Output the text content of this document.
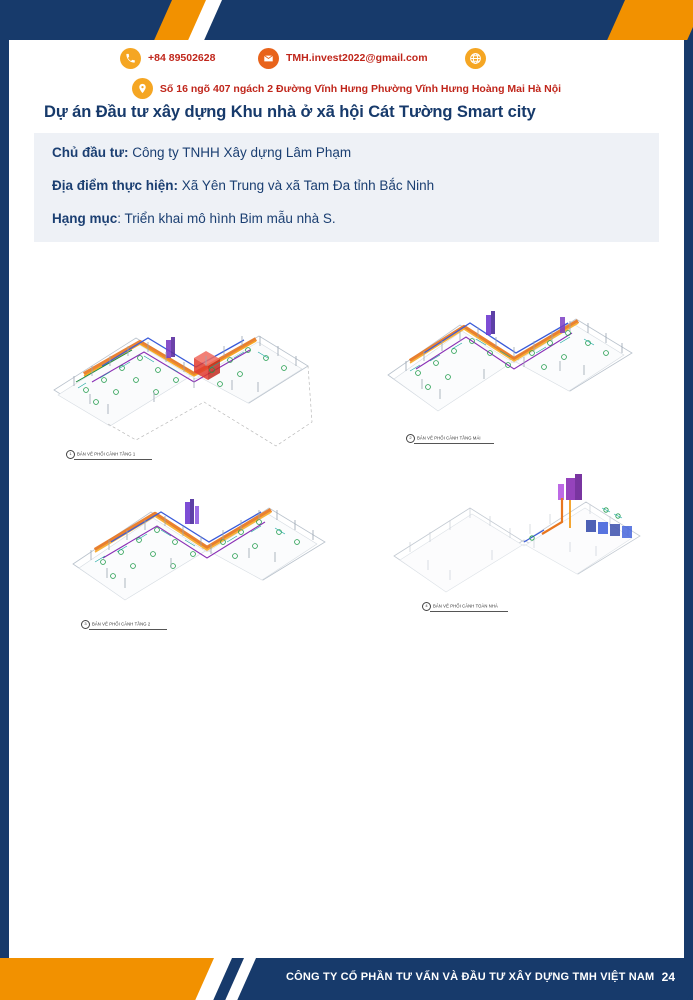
+84 89502628	TMH.invest2022@gmail.com
Số 16 ngõ 407 ngách 2 Đường Vĩnh Hưng Phường Vĩnh Hưng Hoàng Mai Hà Nội
Dự án Đầu tư xây dựng Khu nhà ở xã hội Cát Tường Smart city
Chủ đầu tư: Công ty TNHH Xây dựng Lâm Phạm
Địa điểm thực hiện: Xã Yên Trung và xã Tam Đa tỉnh Bắc Ninh
Hạng mục: Triển khai mô hình Bim mẫu nhà S.
1 BẢN VẼ PHỐI CẢNH TẦNG 1
2 BẢN VẼ PHỐI CẢNH TẦNG MÁI
3 BẢN VẼ PHỐI CẢNH TẦNG 2
4 BẢN VẼ PHỐI CẢNH TOÀN NHÀ
CÔNG TY CỔ PHẦN TƯ VẤN VÀ ĐẦU TƯ XÂY DỰNG TMH VIỆT NAM 24
